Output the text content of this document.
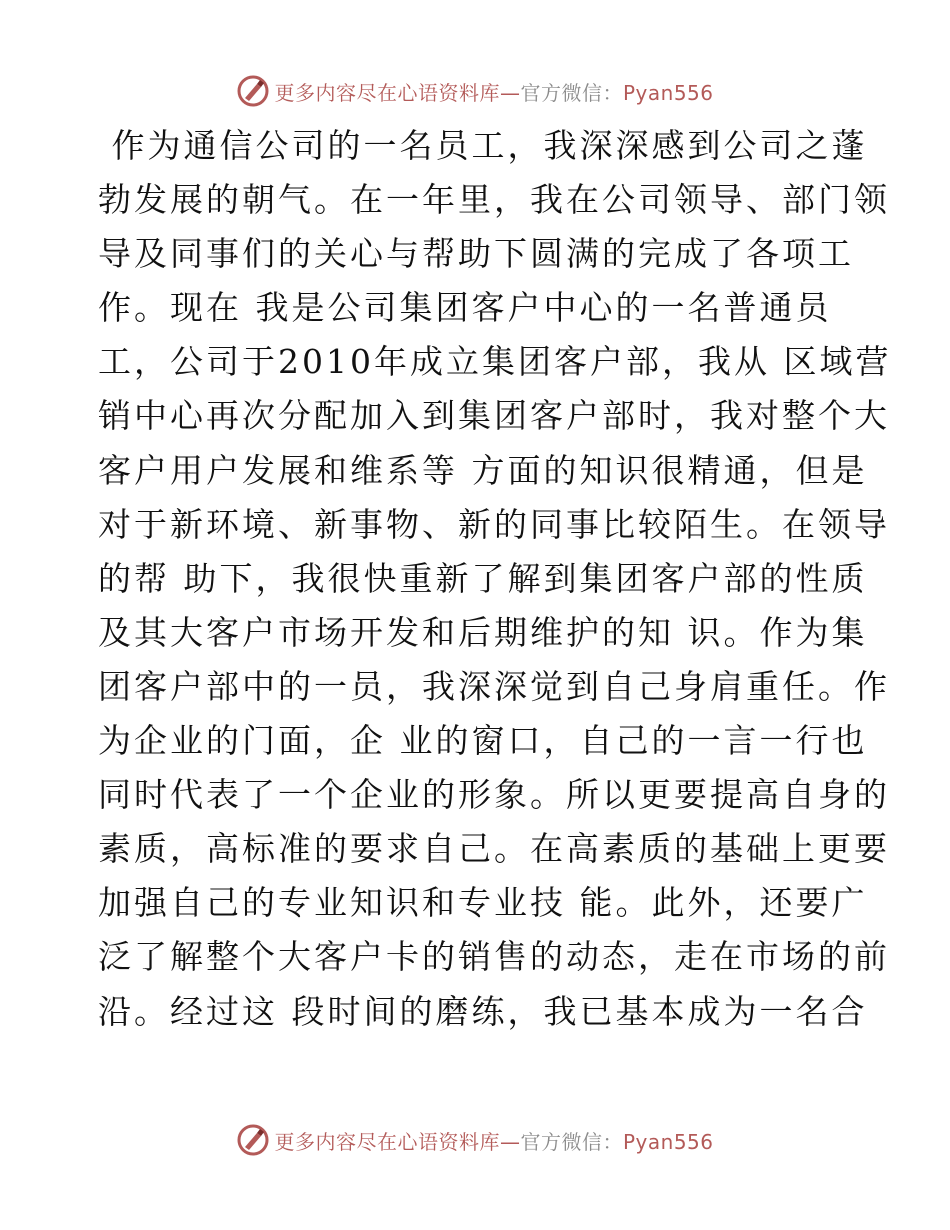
更多内容尽在心语资料库—官方微信：Pyan556
作为通信公司的一名员工，我深深感到公司之蓬
勃发展的朝气。在一年里，我在公司领导、部门领
导及同事们的关心与帮助下圆满的完成了各项工
作。现在 我是公司集团客户中心的一名普通员
工，公司于2010年成立集团客户部，我从 区域营
销中心再次分配加入到集团客户部时，我对整个大
客户用户发展和维系等 方面的知识很精通，但是
对于新环境、新事物、新的同事比较陌生。在领导
的帮 助下，我很快重新了解到集团客户部的性质
及其大客户市场开发和后期维护的知 识。作为集
团客户部中的一员，我深深觉到自己身肩重任。作
为企业的门面，企 业的窗口，自己的一言一行也
同时代表了一个企业的形象。所以更要提高自身的
素质，高标准的要求自己。在高素质的基础上更要
加强自己的专业知识和专业技 能。此外，还要广
泛了解整个大客户卡的销售的动态，走在市场的前
沿。经过这 段时间的磨练，我已基本成为一名合
更多内容尽在心语资料库—官方微信：Pyan556
